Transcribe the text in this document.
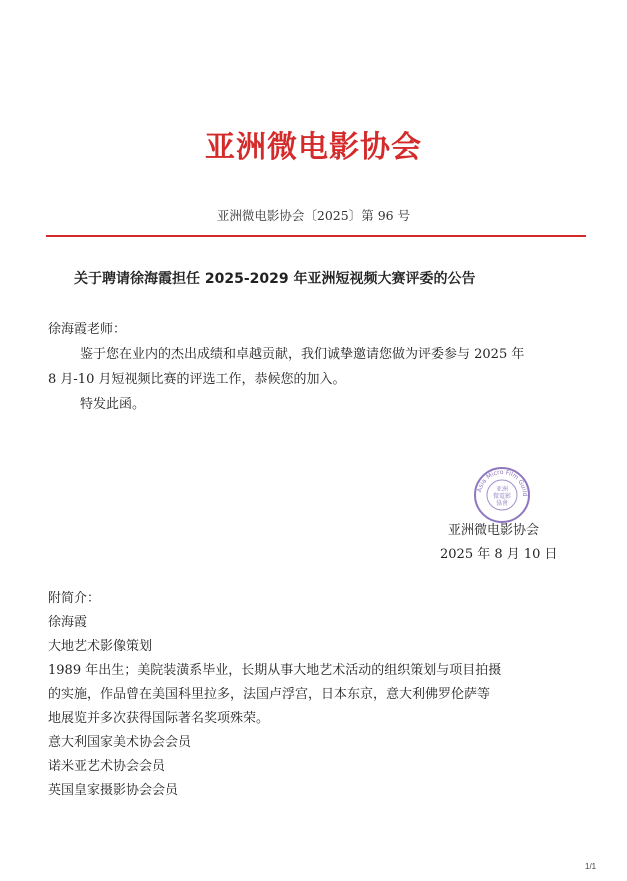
亚洲微电影协会
亚洲微电影协会〔2025〕第 96 号
关于聘请徐海霞担任 2025-2029 年亚洲短视频大赛评委的公告
徐海霞老师：
鉴于您在业内的杰出成绩和卓越贡献，我们诚挚邀请您做为评委参与 2025 年
8 月-10 月短视频比赛的评选工作，恭候您的加入。
特发此函。
Asia Micro Film Guild
亚洲
微電影
協會
亚洲微电影协会
2025 年 8 月 10 日
附简介：
徐海霞
大地艺术影像策划
1989 年出生；美院装潢系毕业，长期从事大地艺术活动的组织策划与项目拍摄
的实施，作品曾在美国科里拉多，法国卢浮宫，日本东京，意大利佛罗伦萨等
地展览并多次获得国际著名奖项殊荣。
意大利国家美术协会会员
诺米亚艺术协会会员
英国皇家摄影协会会员
1/1
